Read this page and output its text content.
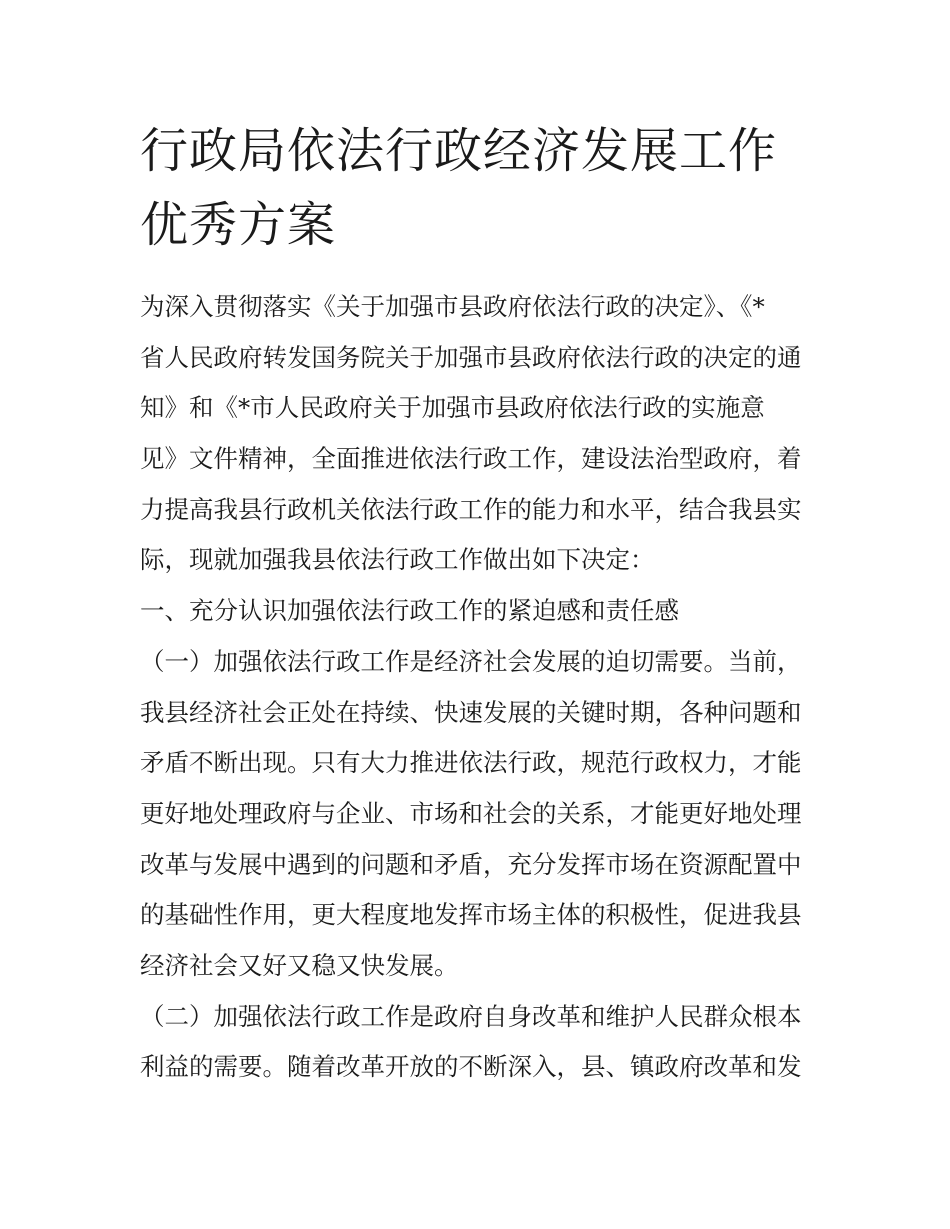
行政局依法行政经济发展工作
优秀方案
为深入贯彻落实《关于加强市县政府依法行政的决定》、《*
省人民政府转发国务院关于加强市县政府依法行政的决定的通
知》和《*市人民政府关于加强市县政府依法行政的实施意
见》文件精神，全面推进依法行政工作，建设法治型政府，着
力提高我县行政机关依法行政工作的能力和水平，结合我县实
际，现就加强我县依法行政工作做出如下决定：
一、充分认识加强依法行政工作的紧迫感和责任感
（一）加强依法行政工作是经济社会发展的迫切需要。当前，
我县经济社会正处在持续、快速发展的关键时期，各种问题和
矛盾不断出现。只有大力推进依法行政，规范行政权力，才能
更好地处理政府与企业、市场和社会的关系，才能更好地处理
改革与发展中遇到的问题和矛盾，充分发挥市场在资源配置中
的基础性作用，更大程度地发挥市场主体的积极性，促进我县
经济社会又好又稳又快发展。
（二）加强依法行政工作是政府自身改革和维护人民群众根本
利益的需要。随着改革开放的不断深入，县、镇政府改革和发
